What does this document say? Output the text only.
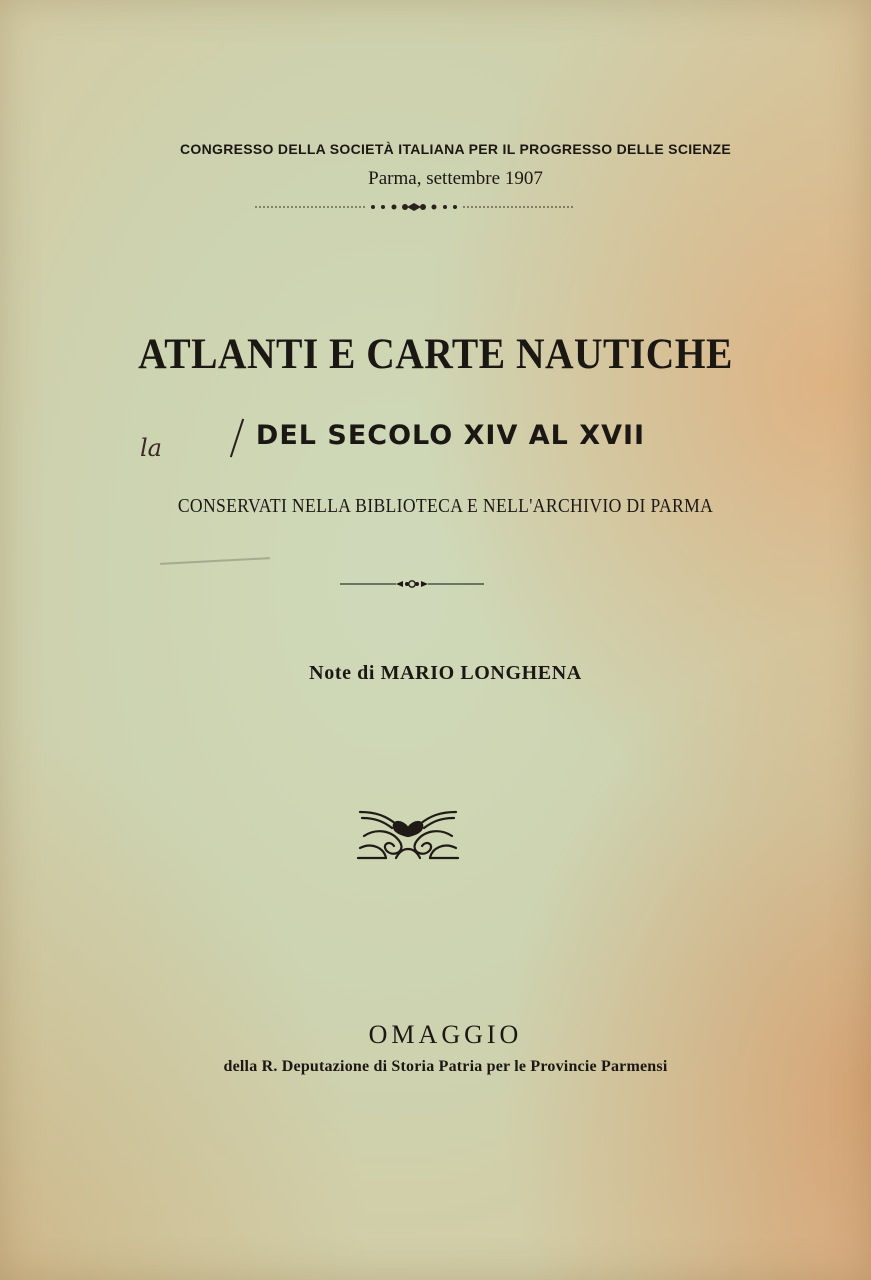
CONGRESSO DELLA SOCIETÀ ITALIANA PER IL PROGRESSO DELLE SCIENZE
Parma, settembre 1907
ATLANTI E CARTE NAUTICHE
la	DEL SECOLO XIV AL XVII
CONSERVATI NELLA BIBLIOTECA E NELL'ARCHIVIO DI PARMA
Note di MARIO LONGHENA
OMAGGIO
della R. Deputazione di Storia Patria per le Provincie Parmensi
